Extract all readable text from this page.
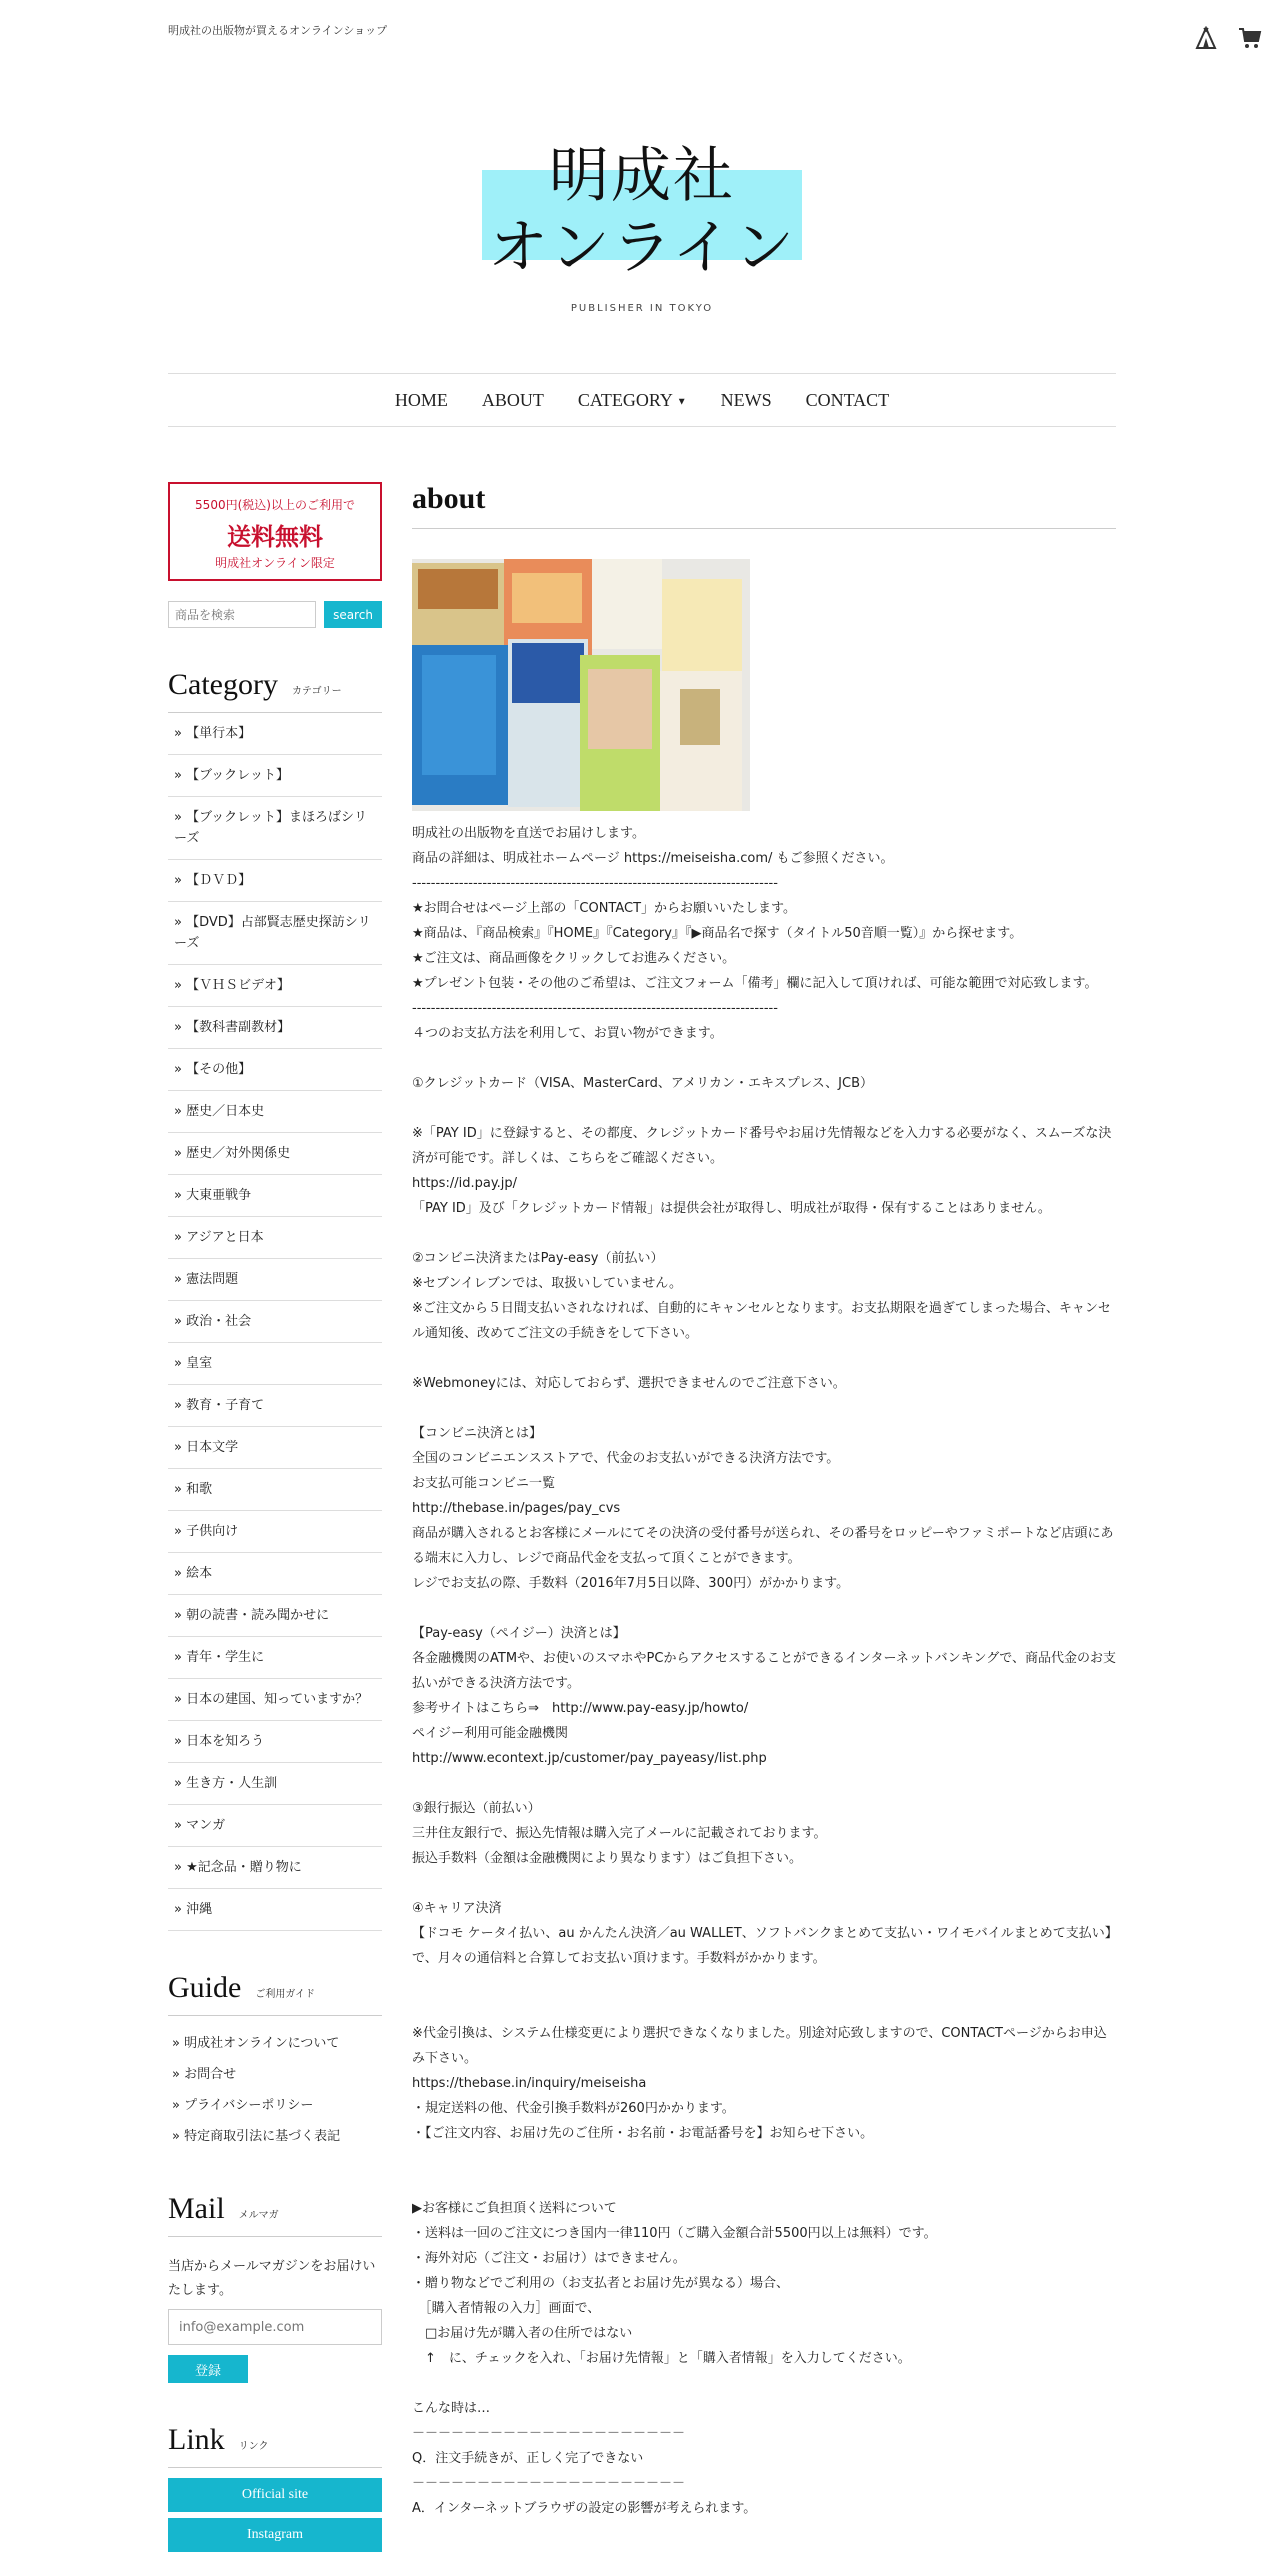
明成社の出版物が買えるオンラインショップ
明成社
オンライン
PUBLISHER IN TOKYO
HOME ABOUT CATEGORY ▼ NEWS CONTACT
5500円(税込)以上のご利用で
送料無料
明成社オンライン限定
商品を検索
search
Category カテゴリー
» 【単行本】
» 【ブックレット】
» 【ブックレット】まほろばシリーズ
» 【ＤＶＤ】
» 【DVD】占部賢志歴史探訪シリーズ
» 【ＶＨＳビデオ】
» 【教科書副教材】
» 【その他】
» 歴史／日本史
» 歴史／対外関係史
» 大東亜戦争
» アジアと日本
» 憲法問題
» 政治・社会
» 皇室
» 教育・子育て
» 日本文学
» 和歌
» 子供向け
» 絵本
» 朝の読書・読み聞かせに
» 青年・学生に
» 日本の建国、知っていますか？
» 日本を知ろう
» 生き方・人生訓
» マンガ
» ★記念品・贈り物に
» 沖縄
Guide ご利用ガイド
» 明成社オンラインについて
» お問合せ
» プライバシーポリシー
» 特定商取引法に基づく表記
Mail メルマガ
当店からメールマガジンをお届けいたします。
info@example.com 登録
Link リンク
Official site
Instagram
about
明成社の出版物を直送でお届けします。
商品の詳細は、明成社ホームページ https://meiseisha.com/ もご参照ください。
------------------------------------------------------------------------------
★お問合せはページ上部の「CONTACT」からお願いいたします。
★商品は、『商品検索』『HOME』『Category』『▶商品名で探す（タイトル50音順一覧）』から探せます。
★ご注文は、商品画像をクリックしてお進みください。
★プレゼント包装・その他のご希望は、ご注文フォーム「備考」欄に記入して頂ければ、可能な範囲で対応致します。
------------------------------------------------------------------------------
４つのお支払方法を利用して、お買い物ができます。

①クレジットカード（VISA、MasterCard、アメリカン・エキスプレス、JCB）

※「PAY ID」に登録すると、その都度、クレジットカード番号やお届け先情報などを入力する必要がなく、スムーズな決済が可能です。詳しくは、こちらをご確認ください。
https://id.pay.jp/
「PAY ID」及び「クレジットカード情報」は提供会社が取得し、明成社が取得・保有することはありません。

②コンビニ決済またはPay-easy（前払い）
※セブンイレブンでは、取扱いしていません。
※ご注文から５日間支払いされなければ、自動的にキャンセルとなります。お支払期限を過ぎてしまった場合、キャンセル通知後、改めてご注文の手続きをして下さい。

※Webmoneyには、対応しておらず、選択できませんのでご注意下さい。

【コンビニ決済とは】
全国のコンビニエンスストアで、代金のお支払いができる決済方法です。
お支払可能コンビニ一覧
http://thebase.in/pages/pay_cvs
商品が購入されるとお客様にメールにてその決済の受付番号が送られ、その番号をロッピーやファミポートなど店頭にある端末に入力し、レジで商品代金を支払って頂くことができます。
レジでお支払の際、手数料（2016年7月5日以降、300円）がかかります。

【Pay-easy（ペイジー）決済とは】
各金融機関のATMや、お使いのスマホやPCからアクセスすることができるインターネットバンキングで、商品代金のお支払いができる決済方法です。
参考サイトはこちら⇒　http://www.pay-easy.jp/howto/
ペイジー利用可能金融機関
http://www.econtext.jp/customer/pay_payeasy/list.php

③銀行振込（前払い）
三井住友銀行で、振込先情報は購入完了メールに記載されております。
振込手数料（金額は金融機関により異なります）はご負担下さい。

④キャリア決済
【ドコモ ケータイ払い、au かんたん決済／au WALLET、ソフトバンクまとめて支払い・ワイモバイルまとめて支払い】で、月々の通信料と合算してお支払い頂けます。手数料がかかります。

※代金引換は、システム仕様変更により選択できなくなりました。別途対応致しますので、CONTACTページからお申込み下さい。
https://thebase.in/inquiry/meiseisha
・規定送料の他、代金引換手数料が260円かかります。
・【ご注文内容、お届け先のご住所・お名前・お電話番号を】お知らせ下さい。

▶お客様にご負担頂く送料について
・送料は一回のご注文につき国内一律110円（ご購入金額合計5500円以上は無料）です。
・海外対応（ご注文・お届け）はできません。
・贈り物などでご利用の（お支払者とお届け先が異なる）場合、
　［購入者情報の入力］画面で、
　□お届け先が購入者の住所ではない
　↑　に、チェックを入れ、「お届け先情報」と「購入者情報」を入力してください。

こんな時は…
－－－－－－－－－－－－－－－－－－－－－
Q．注文手続きが、正しく完了できない
－－－－－－－－－－－－－－－－－－－－－
A．インターネットブラウザの設定の影響が考えられます。
